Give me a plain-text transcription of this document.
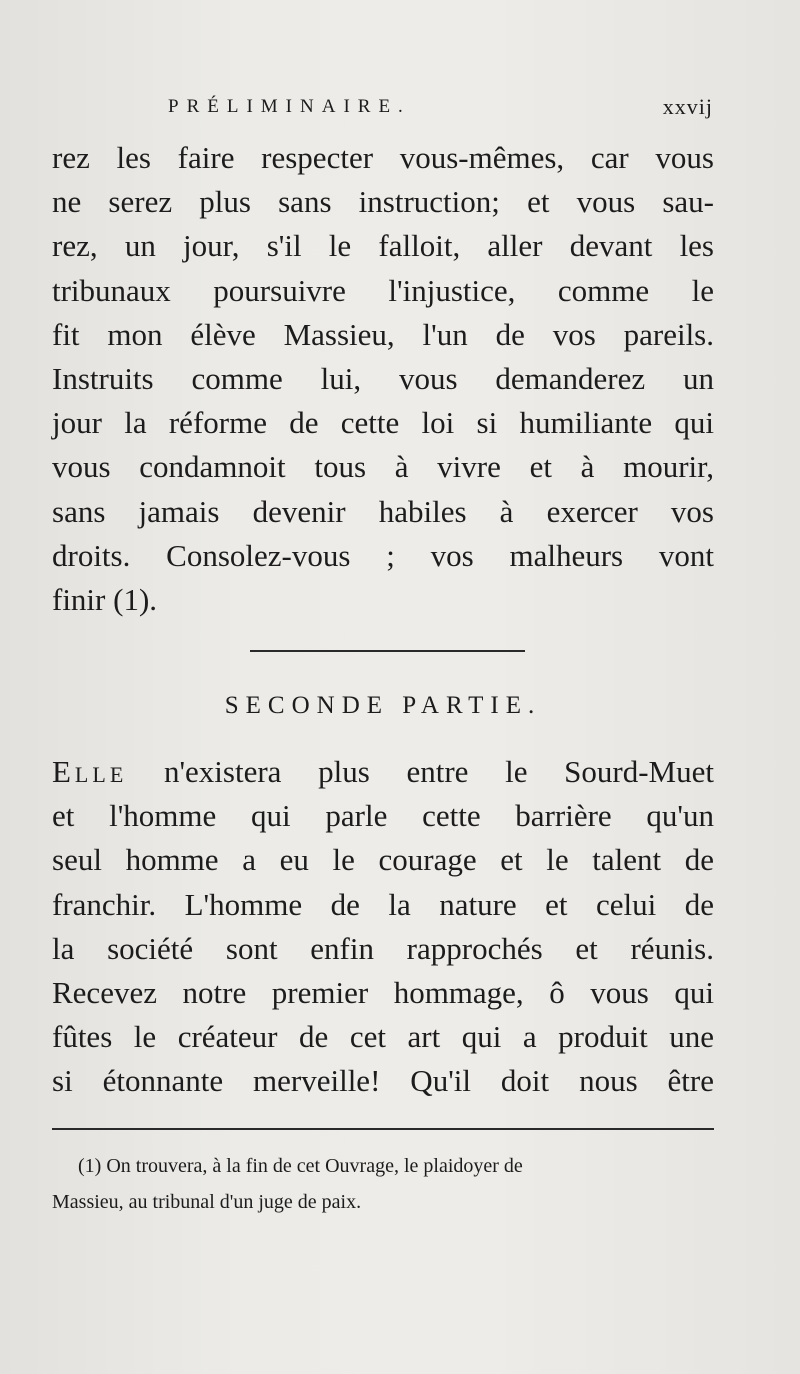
PRÉLIMINAIRE.	xxvij
rez les faire respecter vous-mêmes, car vous
ne serez plus sans instruction; et vous sau-
rez, un jour, s'il le falloit, aller devant les
tribunaux poursuivre l'injustice, comme le
fit mon élève Massieu, l'un de vos pareils.
Instruits comme lui, vous demanderez un
jour la réforme de cette loi si humiliante qui
vous condamnoit tous à vivre et à mourir,
sans jamais devenir habiles à exercer vos
droits. Consolez-vous ; vos malheurs vont
finir (1).
SECONDE PARTIE.
Elle n'existera plus entre le Sourd-Muet
et l'homme qui parle cette barrière qu'un
seul homme a eu le courage et le talent de
franchir. L'homme de la nature et celui de
la société sont enfin rapprochés et réunis.
Recevez notre premier hommage, ô vous qui
fûtes le créateur de cet art qui a produit une
si étonnante merveille! Qu'il doit nous être
(1) On trouvera, à la fin de cet Ouvrage, le plaidoyer de
Massieu, au tribunal d'un juge de paix.
